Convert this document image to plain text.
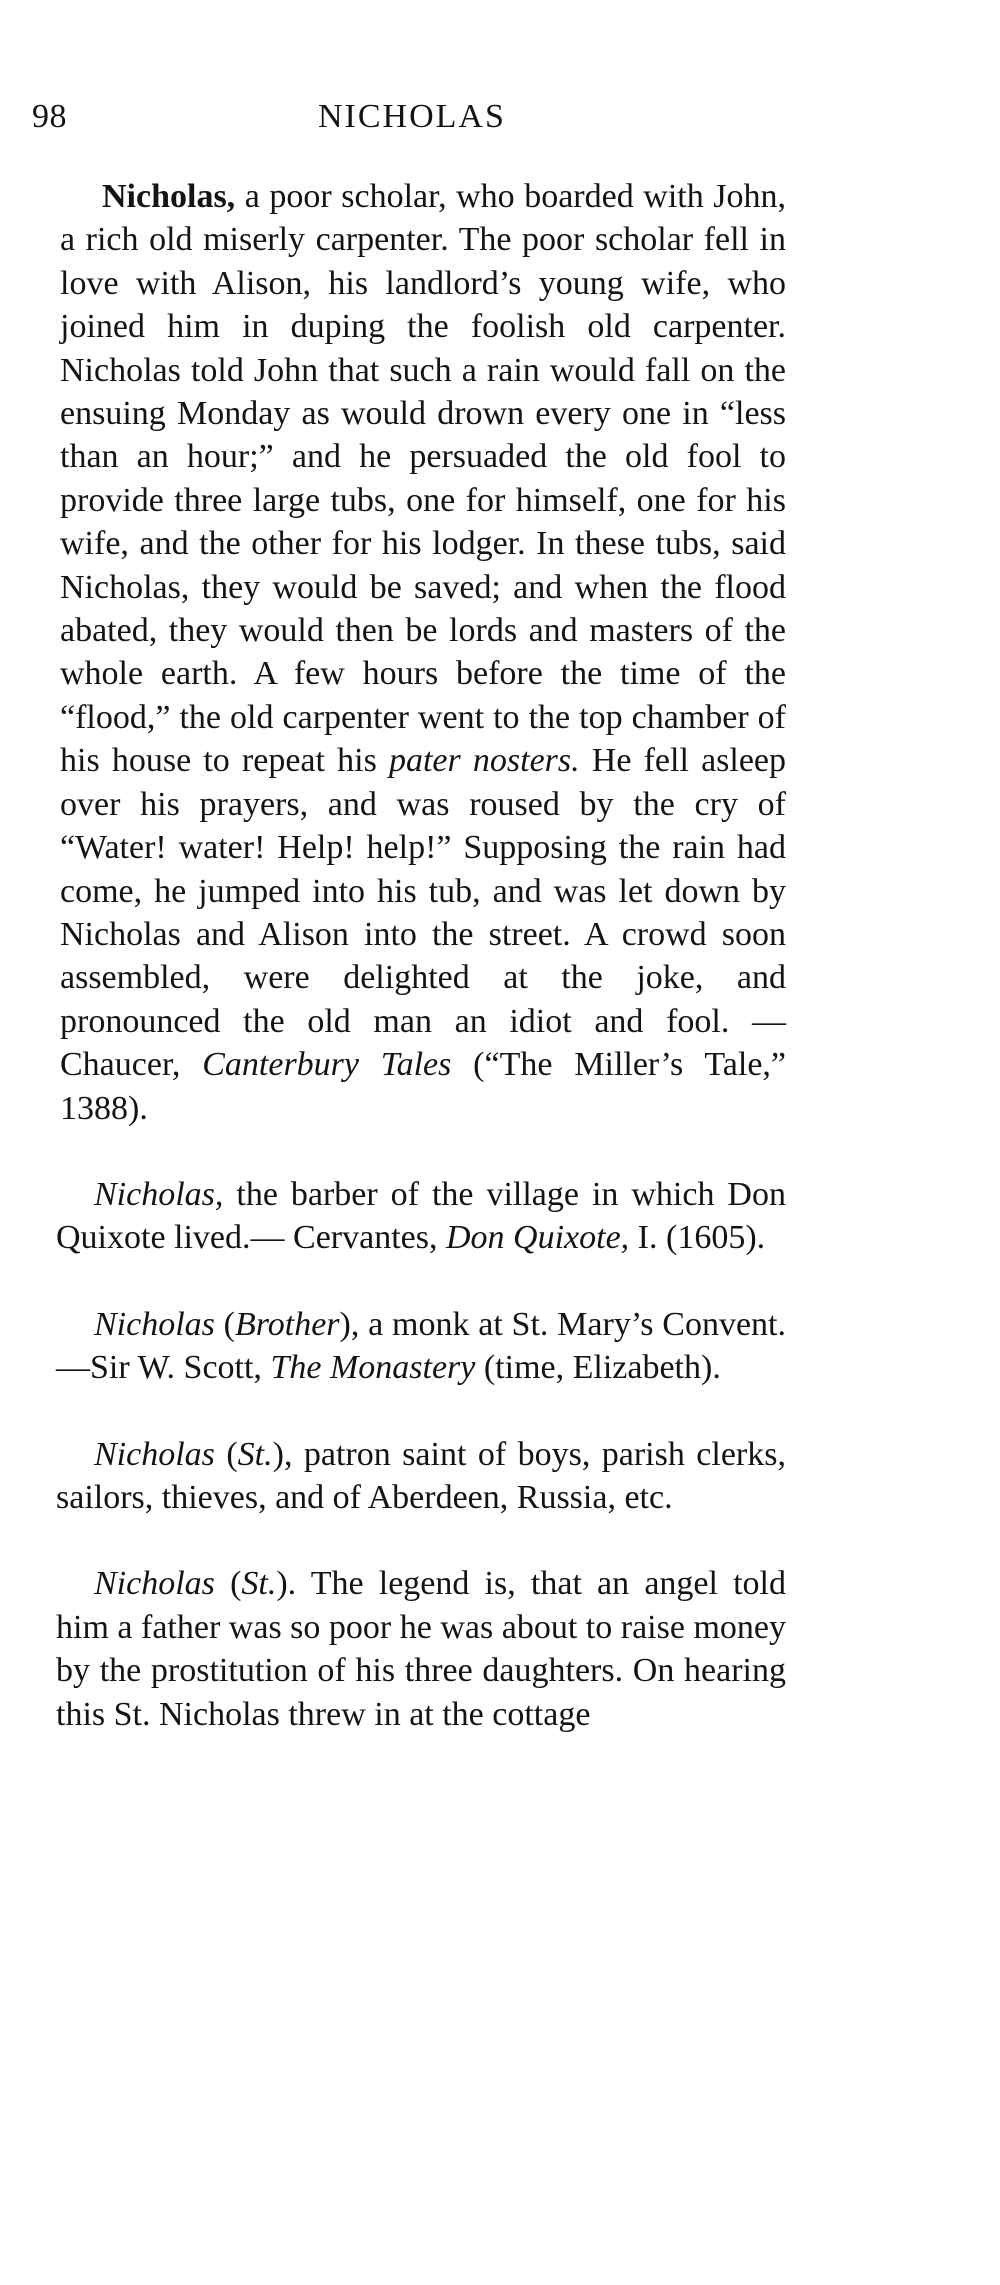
98	NICHOLAS

Nicholas, a poor scholar, who boarded with John, a rich old miserly carpenter. The poor scholar fell in love with Alison, his landlord’s young wife, who joined him in duping the foolish old carpenter. Nicholas told John that such a rain would fall on the ensuing Monday as would drown every one in “less than an hour;” and he persuaded the old fool to provide three large tubs, one for himself, one for his wife, and the other for his lodger. In these tubs, said Nicholas, they would be saved; and when the flood abated, they would then be lords and masters of the whole earth. A few hours before the time of the “flood,” the old carpenter went to the top chamber of his house to repeat his pater nosters. He fell asleep over his prayers, and was roused by the cry of “Water! water! Help! help!” Supposing the rain had come, he jumped into his tub, and was let down by Nicholas and Alison into the street. A crowd soon assembled, were delighted at the joke, and pronounced the old man an idiot and fool. —Chaucer, Canterbury Tales (“The Miller’s Tale,” 1388).

Nicholas, the barber of the village in which Don Quixote lived.— Cervantes, Don Quixote, I. (1605).

Nicholas (Brother), a monk at St. Mary’s Convent.—Sir W. Scott, The Monastery (time, Elizabeth).

Nicholas (St.), patron saint of boys, parish clerks, sailors, thieves, and of Aberdeen, Russia, etc.

Nicholas (St.). The legend is, that an angel told him a father was so poor he was about to raise money by the prostitution of his three daughters. On hearing this St. Nicholas threw in at the cottage
